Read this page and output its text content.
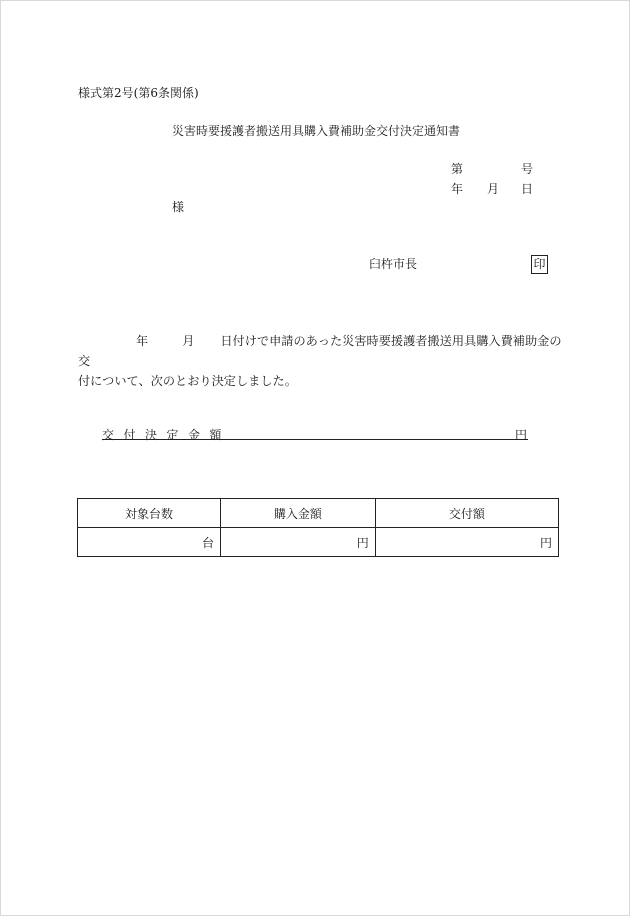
様式第2号(第6条関係)
災害時要援護者搬送用具購入費補助金交付決定通知書
第	号
年 月 日
様
臼杵市長	印
年	月 日付けで申請のあった災害時要援護者搬送用具購入費補助金の交
付について、次のとおり決定しました。
交付決定金額	円
対象台数	購入金額	交付額
台	円	円
